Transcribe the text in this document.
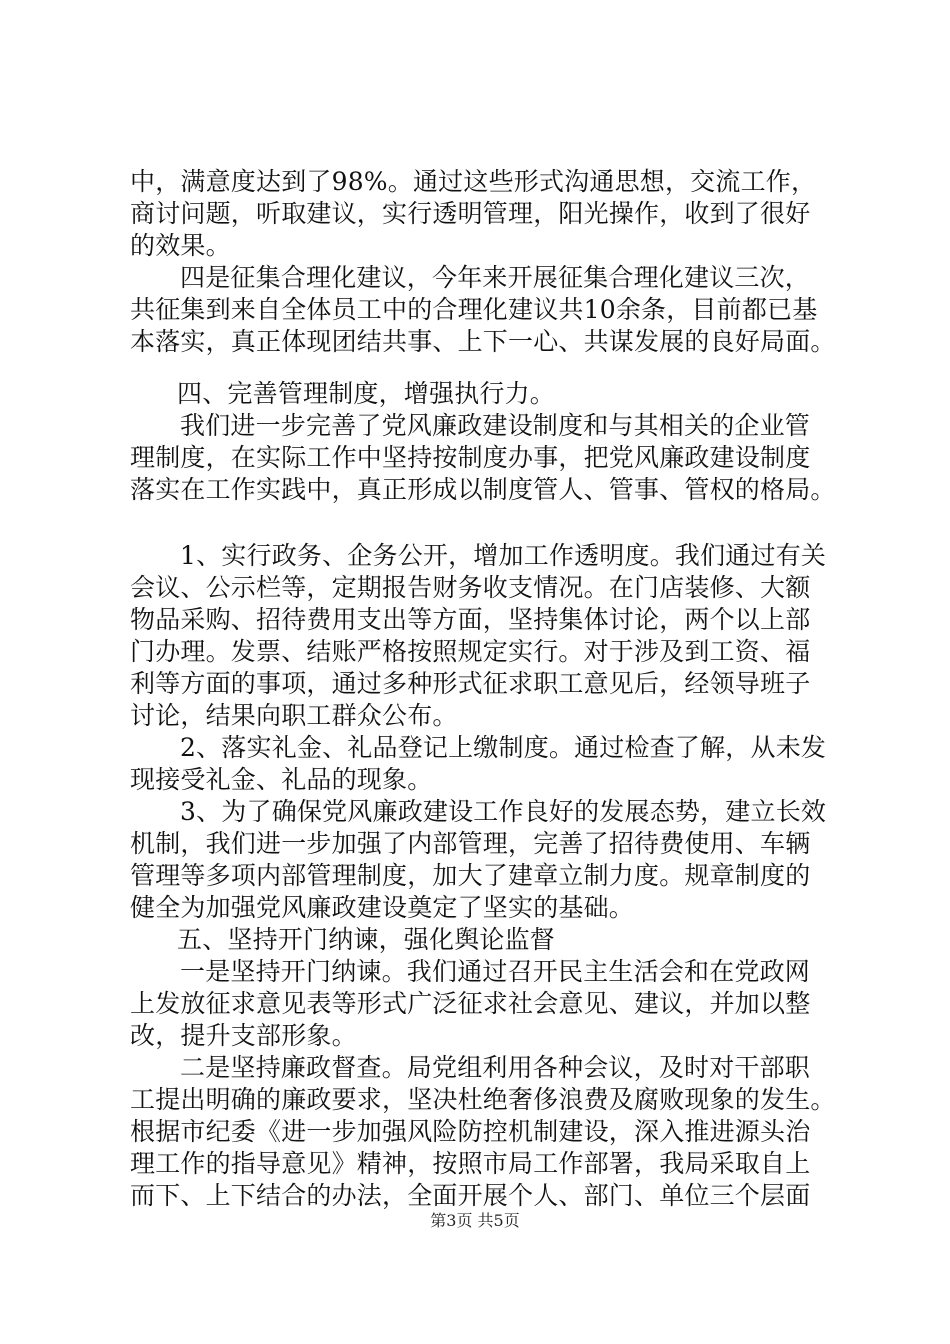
中，满意度达到了98%。通过这些形式沟通思想，交流工作，
商讨问题，听取建议，实行透明管理，阳光操作，收到了很好
的效果。
四是征集合理化建议，今年来开展征集合理化建议三次，
共征集到来自全体员工中的合理化建议共10余条，目前都已基
本落实，真正体现团结共事、上下一心、共谋发展的良好局面。
四、完善管理制度，增强执行力。
我们进一步完善了党风廉政建设制度和与其相关的企业管
理制度，在实际工作中坚持按制度办事，把党风廉政建设制度
落实在工作实践中，真正形成以制度管人、管事、管权的格局。
1、实行政务、企务公开，增加工作透明度。我们通过有关
会议、公示栏等，定期报告财务收支情况。在门店装修、大额
物品采购、招待费用支出等方面，坚持集体讨论，两个以上部
门办理。发票、结账严格按照规定实行。对于涉及到工资、福
利等方面的事项，通过多种形式征求职工意见后，经领导班子
讨论，结果向职工群众公布。
2、落实礼金、礼品登记上缴制度。通过检查了解，从未发
现接受礼金、礼品的现象。
3、为了确保党风廉政建设工作良好的发展态势，建立长效
机制，我们进一步加强了内部管理，完善了招待费使用、车辆
管理等多项内部管理制度，加大了建章立制力度。规章制度的
健全为加强党风廉政建设奠定了坚实的基础。
五、坚持开门纳谏，强化舆论监督
一是坚持开门纳谏。我们通过召开民主生活会和在党政网
上发放征求意见表等形式广泛征求社会意见、建议，并加以整
改，提升支部形象。
二是坚持廉政督查。局党组利用各种会议，及时对干部职
工提出明确的廉政要求，坚决杜绝奢侈浪费及腐败现象的发生。
根据市纪委《进一步加强风险防控机制建设，深入推进源头治
理工作的指导意见》精神，按照市局工作部署，我局采取自上
而下、上下结合的办法，全面开展个人、部门、单位三个层面
第3页 共5页
